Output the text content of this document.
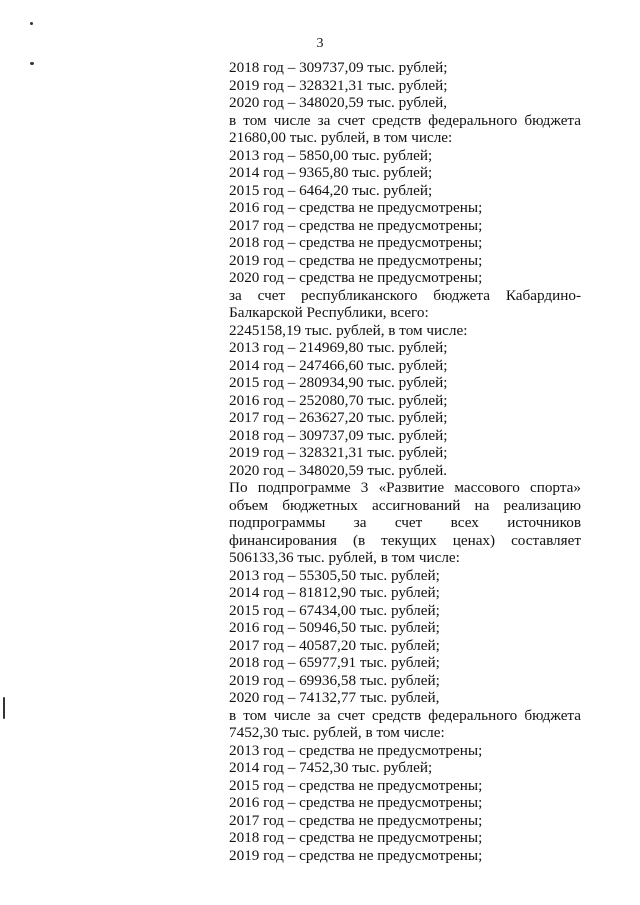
3
2018 год – 309737,09 тыс. рублей;
2019 год – 328321,31 тыс. рублей;
2020 год – 348020,59 тыс. рублей,
в том числе за счет средств федерального бюджета
21680,00 тыс. рублей, в том числе:
2013 год – 5850,00 тыс. рублей;
2014 год – 9365,80 тыс. рублей;
2015 год – 6464,20 тыс. рублей;
2016 год – средства не предусмотрены;
2017 год – средства не предусмотрены;
2018 год – средства не предусмотрены;
2019 год – средства не предусмотрены;
2020 год – средства не предусмотрены;
за счет республиканского бюджета Кабардино-
Балкарской Республики, всего:
2245158,19 тыс. рублей, в том числе:
2013 год – 214969,80 тыс. рублей;
2014 год – 247466,60 тыс. рублей;
2015 год – 280934,90 тыс. рублей;
2016 год – 252080,70 тыс. рублей;
2017 год – 263627,20 тыс. рублей;
2018 год – 309737,09 тыс. рублей;
2019 год – 328321,31 тыс. рублей;
2020 год – 348020,59 тыс. рублей.
По подпрограмме 3 «Развитие массового спорта»
объем бюджетных ассигнований на реализацию
подпрограммы за счет всех источников
финансирования (в текущих ценах) составляет
506133,36 тыс. рублей, в том числе:
2013 год – 55305,50 тыс. рублей;
2014 год – 81812,90 тыс. рублей;
2015 год – 67434,00 тыс. рублей;
2016 год – 50946,50 тыс. рублей;
2017 год – 40587,20 тыс. рублей;
2018 год – 65977,91 тыс. рублей;
2019 год – 69936,58 тыс. рублей;
2020 год – 74132,77 тыс. рублей,
в том числе за счет средств федерального бюджета
7452,30 тыс. рублей, в том числе:
2013 год – средства не предусмотрены;
2014 год – 7452,30 тыс. рублей;
2015 год – средства не предусмотрены;
2016 год – средства не предусмотрены;
2017 год – средства не предусмотрены;
2018 год – средства не предусмотрены;
2019 год – средства не предусмотрены;
